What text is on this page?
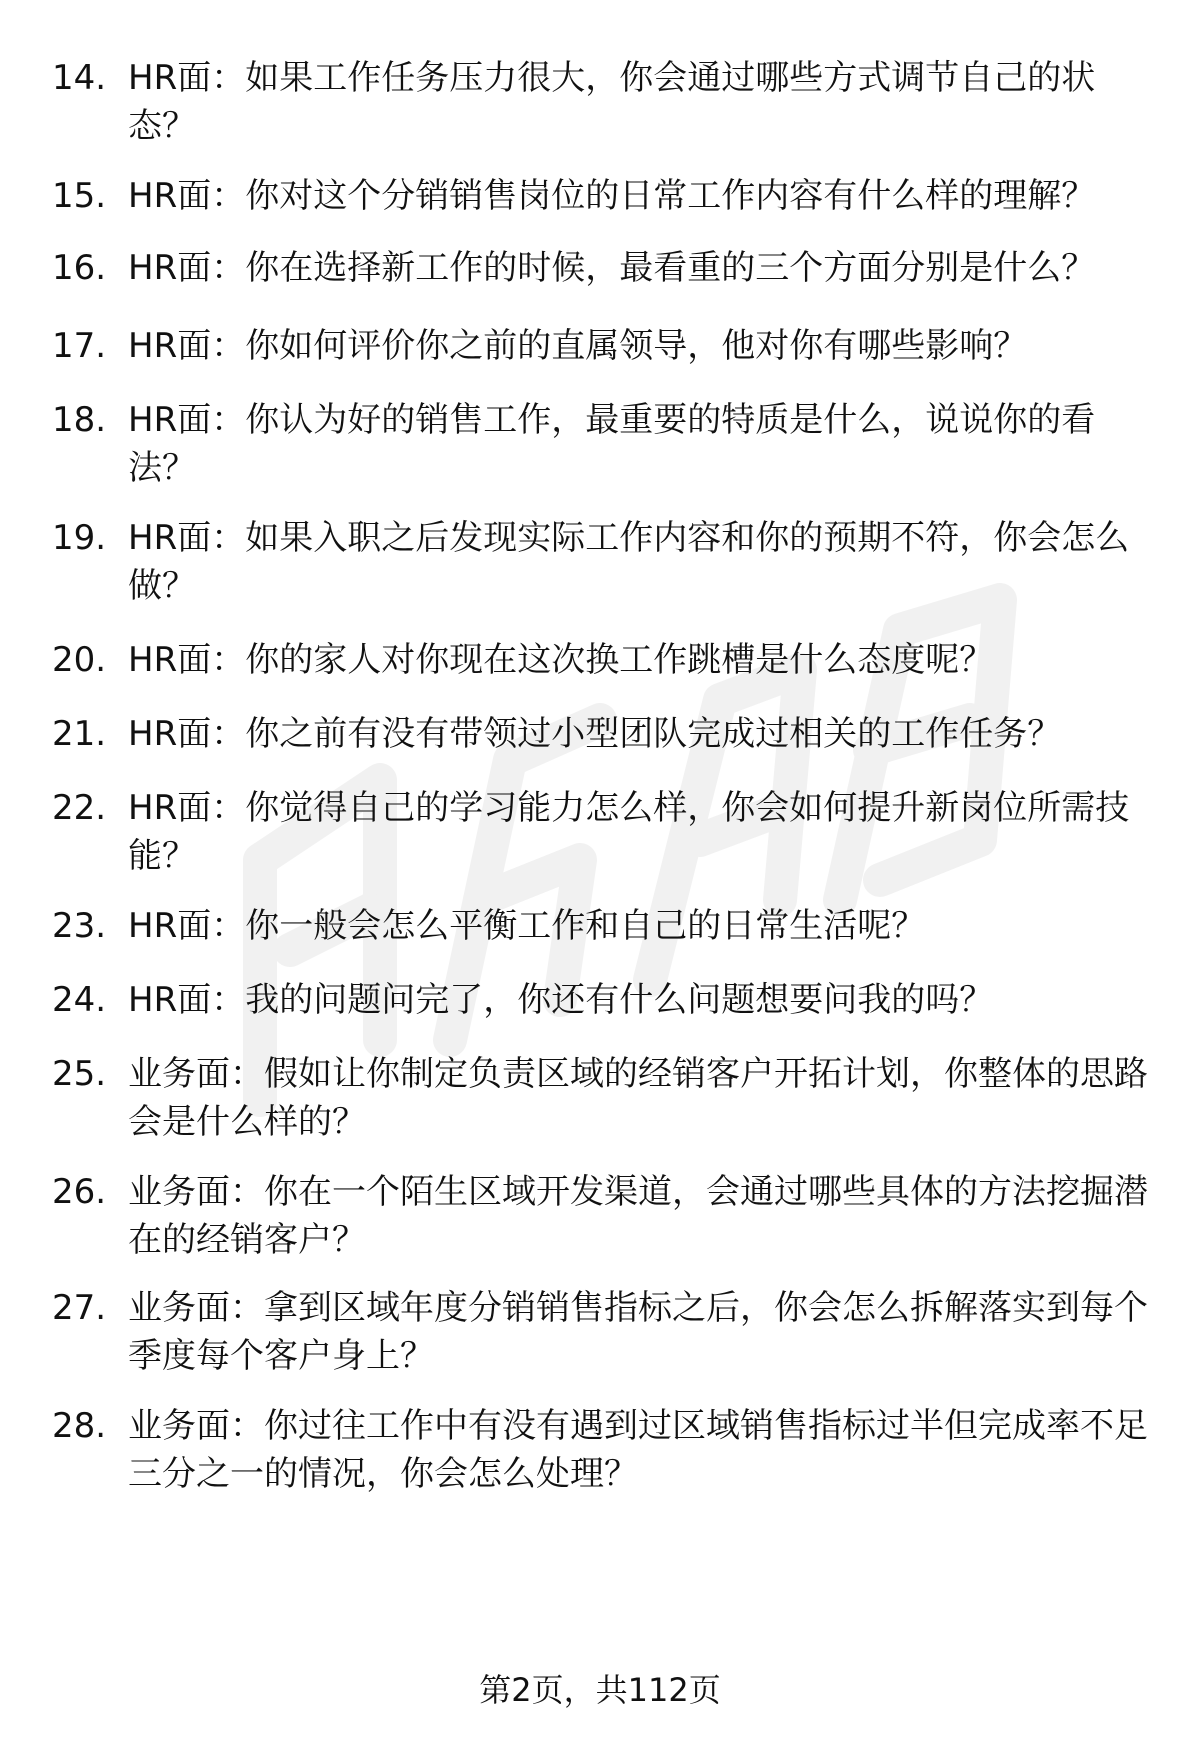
14. HR面：如果工作任务压力很大，你会通过哪些方式调节自己的状态？
15. HR面：你对这个分销销售岗位的日常工作内容有什么样的理解？
16. HR面：你在选择新工作的时候，最看重的三个方面分别是什么？
17. HR面：你如何评价你之前的直属领导，他对你有哪些影响？
18. HR面：你认为好的销售工作，最重要的特质是什么，说说你的看法？
19. HR面：如果入职之后发现实际工作内容和你的预期不符，你会怎么做？
20. HR面：你的家人对你现在这次换工作跳槽是什么态度呢？
21. HR面：你之前有没有带领过小型团队完成过相关的工作任务？
22. HR面：你觉得自己的学习能力怎么样，你会如何提升新岗位所需技能？
23. HR面：你一般会怎么平衡工作和自己的日常生活呢？
24. HR面：我的问题问完了，你还有什么问题想要问我的吗？
25. 业务面：假如让你制定负责区域的经销客户开拓计划，你整体的思路会是什么样的？
26. 业务面：你在一个陌生区域开发渠道，会通过哪些具体的方法挖掘潜在的经销客户？
27. 业务面：拿到区域年度分销销售指标之后，你会怎么拆解落实到每个季度每个客户身上？
28. 业务面：你过往工作中有没有遇到过区域销售指标过半但完成率不足三分之一的情况，你会怎么处理？
第2页，共112页
